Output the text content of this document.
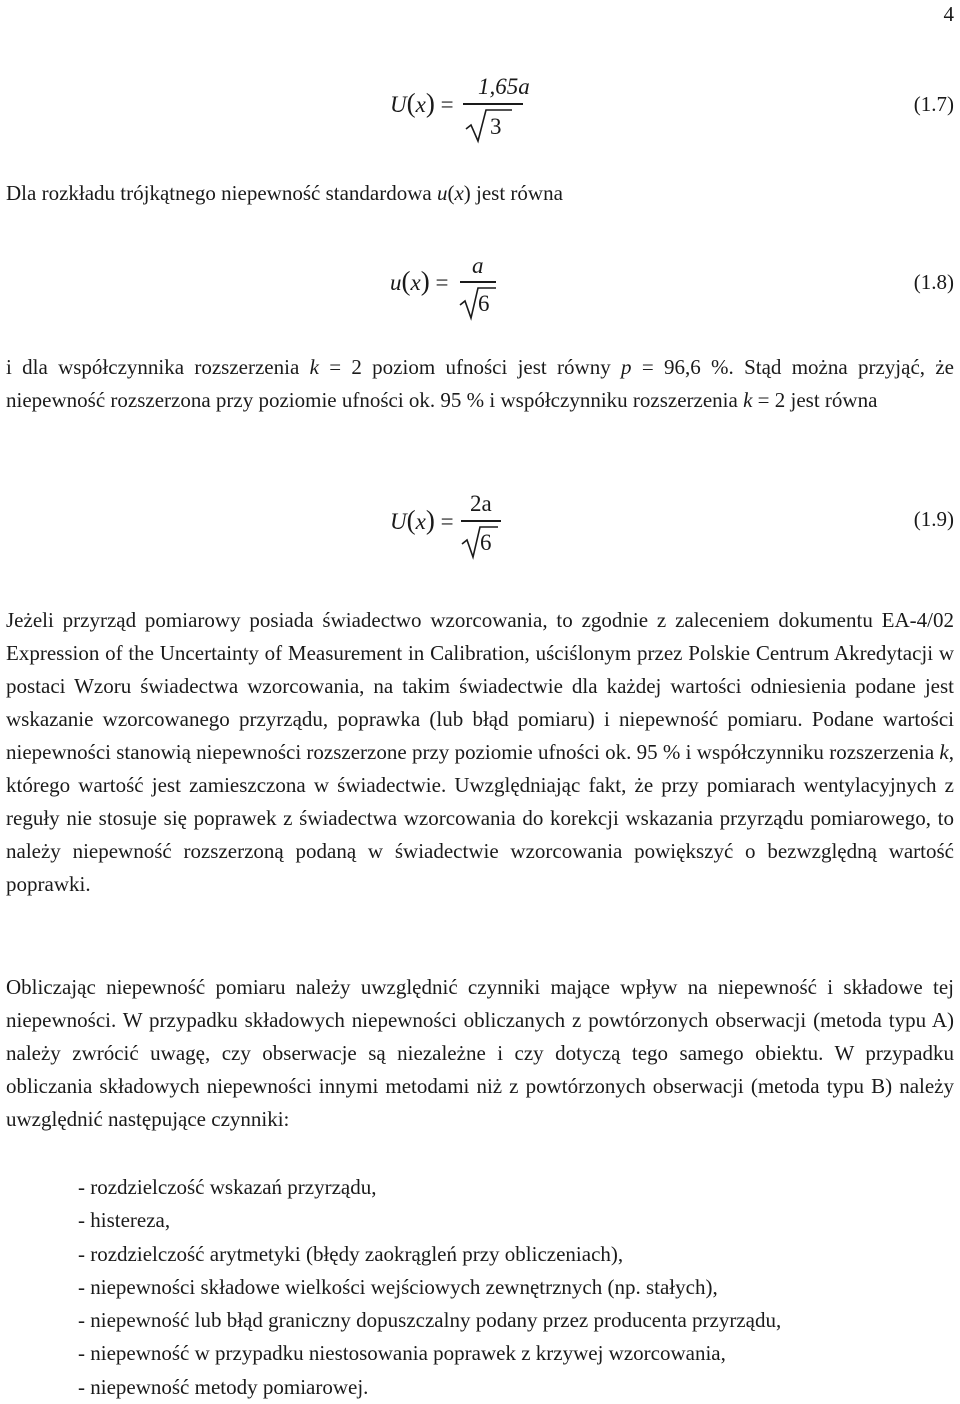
4
U(x) =
1,65a
3
(1.7)

Dla rozkładu trójkątnego niepewność standardowa u(x) jest równa

u(x) =
a
6
(1.8)

i dla współczynnika rozszerzenia k = 2 poziom ufności jest równy p = 96,6 %. Stąd można przyjąć, że niepewność rozszerzona przy poziomie ufności ok. 95 % i współczynniku rozszerzenia k = 2 jest równa

U(x) =
2a
6
(1.9)

Jeżeli przyrząd pomiarowy posiada świadectwo wzorcowania, to zgodnie z zaleceniem dokumentu EA-4/02 Expression of the Uncertainty of Measurement in Calibration, uściślonym przez Polskie Centrum Akredytacji w postaci Wzoru świadectwa wzorcowania, na takim świadectwie dla każdej wartości odniesienia podane jest wskazanie wzorcowanego przyrządu, poprawka (lub błąd pomiaru) i niepewność pomiaru. Podane wartości niepewności stanowią niepewności rozszerzone przy poziomie ufności ok. 95 % i współczynniku rozszerzenia k, którego wartość jest zamieszczona w świadectwie. Uwzględniając fakt, że przy pomiarach wentylacyjnych z reguły nie stosuje się poprawek z świadectwa wzorcowania do korekcji wskazania przyrządu pomiarowego, to należy niepewność rozszerzoną podaną w świadectwie wzorcowania powiększyć o bezwzględną wartość poprawki.

Obliczając niepewność pomiaru należy uwzględnić czynniki mające wpływ na niepewność i składowe tej niepewności. W przypadku składowych niepewności obliczanych z powtórzonych obserwacji (metoda typu A) należy zwrócić uwagę, czy obserwacje są niezależne i czy dotyczą tego samego obiektu. W przypadku obliczania składowych niepewności innymi metodami niż z powtórzonych obserwacji (metoda typu B) należy uwzględnić następujące czynniki:

- rozdzielczość wskazań przyrządu,
- histereza,
- rozdzielczość arytmetyki (błędy zaokrągleń przy obliczeniach),
- niepewności składowe wielkości wejściowych zewnętrznych (np. stałych),
- niepewność lub błąd graniczny dopuszczalny podany przez producenta przyrządu,
- niepewność w przypadku niestosowania poprawek z krzywej wzorcowania,
- niepewność metody pomiarowej.
